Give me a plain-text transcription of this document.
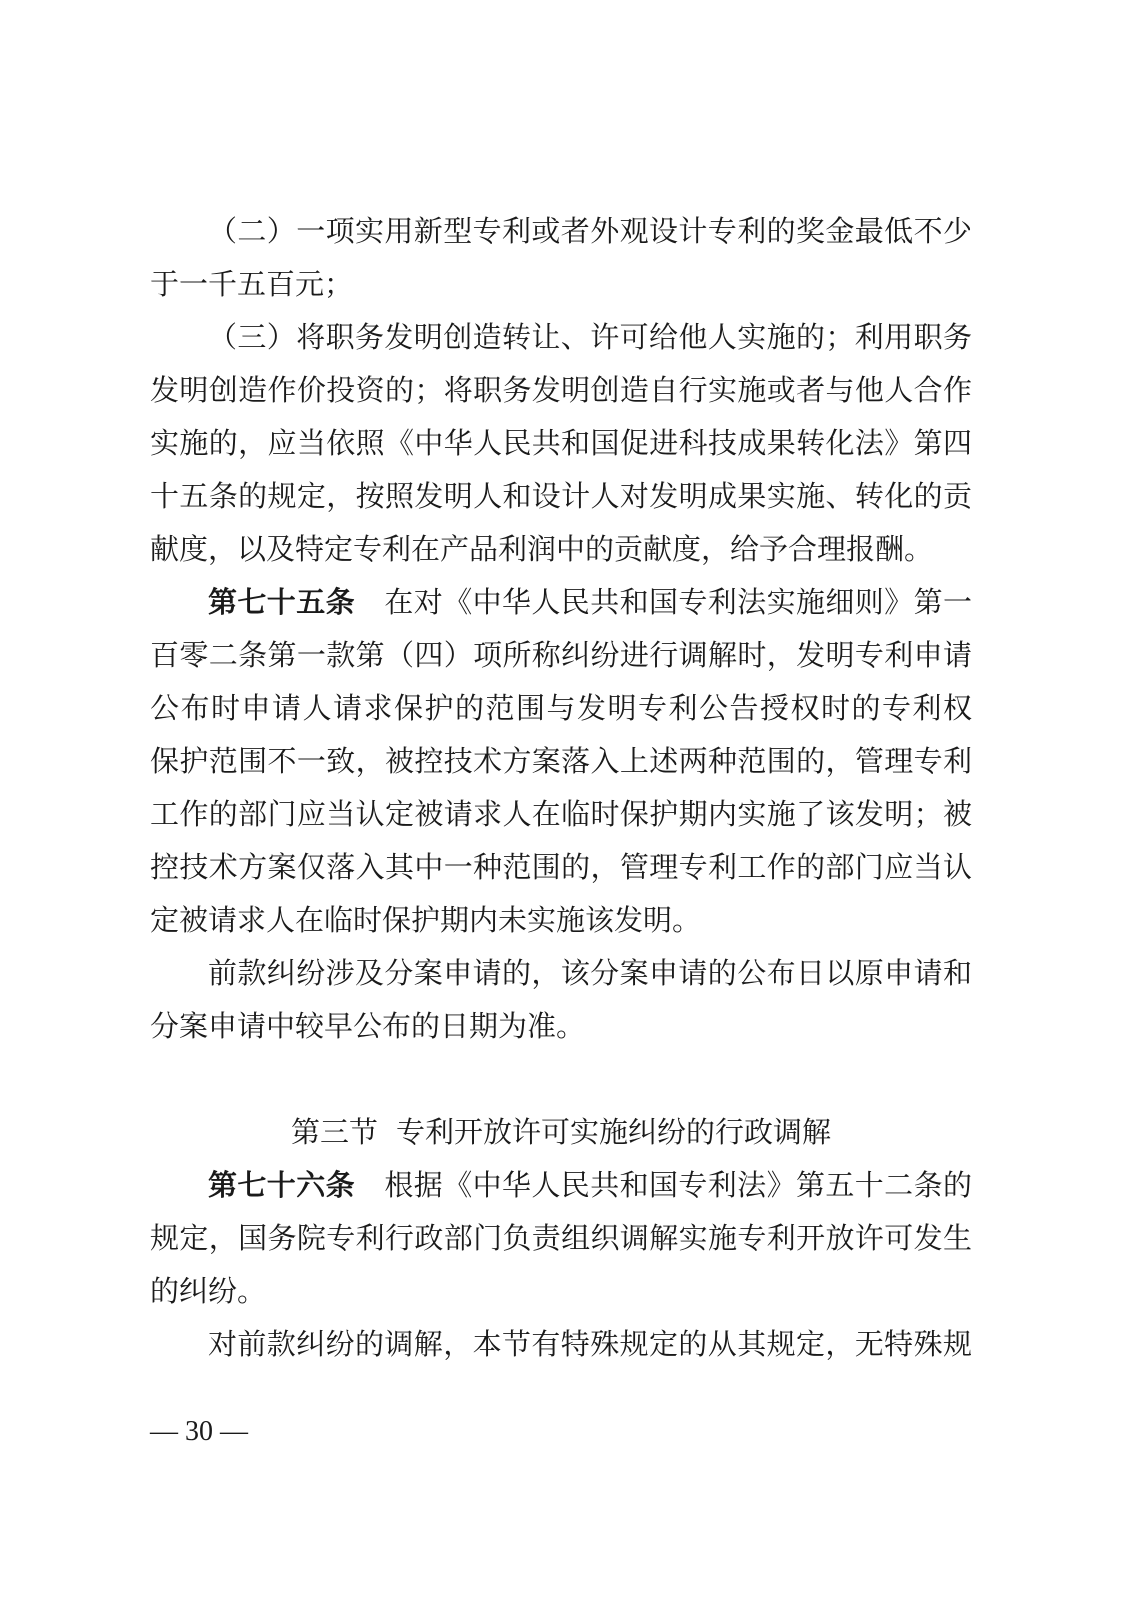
（二）一项实用新型专利或者外观设计专利的奖金最低不少
于一千五百元；
（三）将职务发明创造转让、许可给他人实施的；利用职务
发明创造作价投资的；将职务发明创造自行实施或者与他人合作
实施的，应当依照《中华人民共和国促进科技成果转化法》第四
十五条的规定，按照发明人和设计人对发明成果实施、转化的贡
献度，以及特定专利在产品利润中的贡献度，给予合理报酬。
第七十五条  在对《中华人民共和国专利法实施细则》第一
百零二条第一款第（四）项所称纠纷进行调解时，发明专利申请
公布时申请人请求保护的范围与发明专利公告授权时的专利权
保护范围不一致，被控技术方案落入上述两种范围的，管理专利
工作的部门应当认定被请求人在临时保护期内实施了该发明；被
控技术方案仅落入其中一种范围的，管理专利工作的部门应当认
定被请求人在临时保护期内未实施该发明。
前款纠纷涉及分案申请的，该分案申请的公布日以原申请和
分案申请中较早公布的日期为准。
第三节 专利开放许可实施纠纷的行政调解
第七十六条  根据《中华人民共和国专利法》第五十二条的
规定，国务院专利行政部门负责组织调解实施专利开放许可发生
的纠纷。
对前款纠纷的调解，本节有特殊规定的从其规定，无特殊规
— 30 —
